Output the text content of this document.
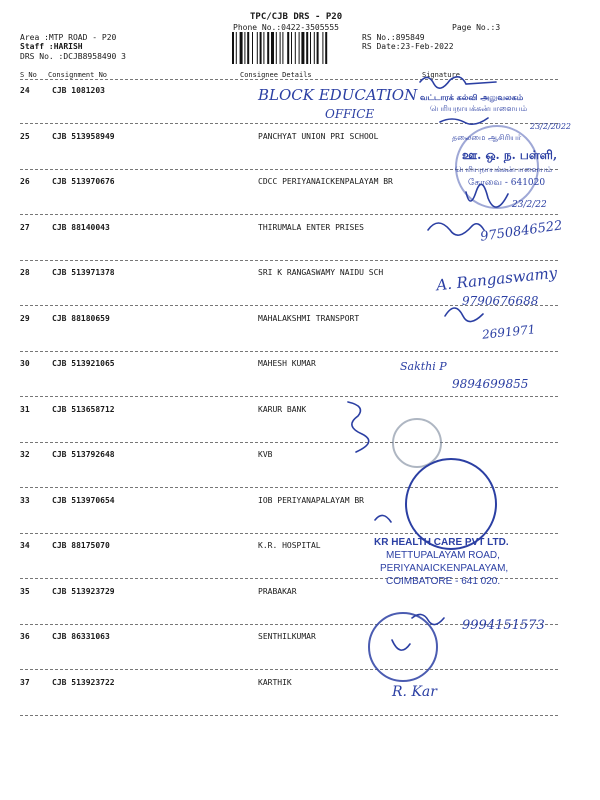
TPC/CJB DRS - P20
Phone No.:0422-3505555	Page No.:3
Area :MTP ROAD - P20
Staff :HARISH
DRS No. :DCJB8958490 3
RS No.:895849
RS Date:23-Feb-2022
S No Consignment No	Consignee Details	Signature
24	CJB 1081203
25	CJB 513958949	PANCHYAT UNION PRI SCHOOL
26	CJB 513970676	CDCC PERIYANAICKENPALAYAM BR
27	CJB 88140043	THIRUMALA ENTER PRISES
28	CJB 513971378	SRI K RANGASWAMY NAIDU SCH
29	CJB 88180659	MAHALAKSHMI TRANSPORT
30	CJB 513921065	MAHESH KUMAR
31	CJB 513658712	KARUR BANK
32	CJB 513792648	KVB
33	CJB 513970654	IOB PERIYANAPALAYAM BR
34	CJB 88175070	K.R. HOSPITAL
35	CJB 513923729	PRABAKAR
36	CJB 86331063	SENTHILKUMAR
37	CJB 513923722	KARTHIK
BLOCK EDUCATION
OFFICE
வட்டாரக் கல்வி அலுவலகம்
பெரியநாயக்கன்பாளையம்
23/2/2022
தலைமை ஆசிரியர்
ஊ. ஒ. ந. பள்ளி,
பெரியநாயக்கன்பாளையம்
கோவை - 641020
23/2/22
9750846522
A. Rangaswamy
9790676688
2691971
Sakthi P
9894699855
9994151573
R. Kar
KR HEALTH CARE PVT LTD.
METTUPALAYAM ROAD,
PERIYANAICKENPALAYAM,
COIMBATORE - 641 020.
